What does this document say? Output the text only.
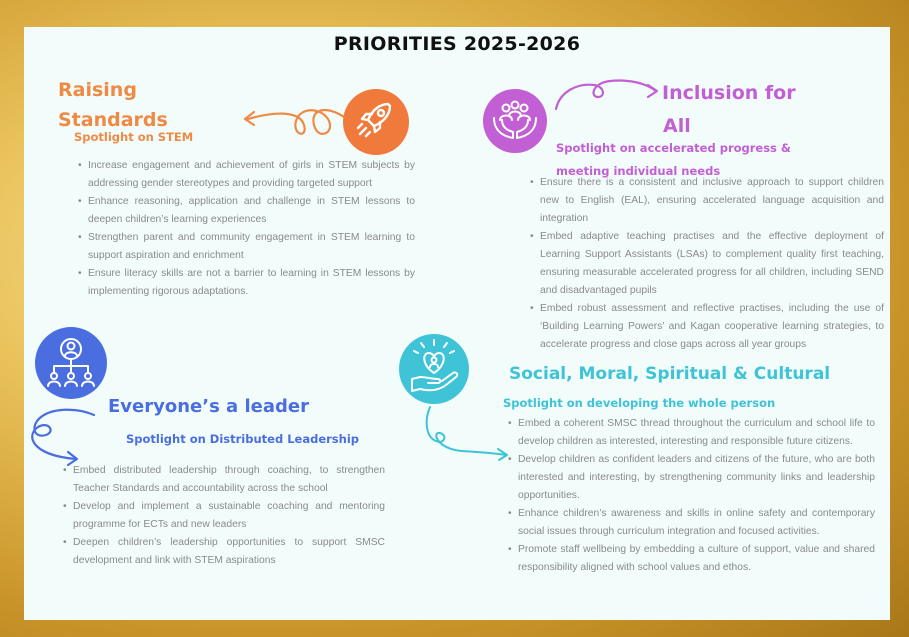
PRIORITIES 2025-2026
Raising
Standards
Spotlight on STEM
• Increase engagement and achievement of girls in STEM subjects by addressing gender stereotypes and providing targeted support
• Enhance reasoning, application and challenge in STEM lessons to deepen children’s learning experiences
• Strengthen parent and community engagement in STEM learning to support aspiration and enrichment
• Ensure literacy skills are not a barrier to learning in STEM lessons by implementing rigorous adaptations.
Inclusion for
All
Spotlight on accelerated progress & meeting individual needs
• Ensure there is a consistent and inclusive approach to support children new to English (EAL), ensuring accelerated language acquisition and integration
• Embed adaptive teaching practises and the effective deployment of Learning Support Assistants (LSAs) to complement quality first teaching, ensuring measurable accelerated progress for all children, including SEND and disadvantaged pupils
• Embed robust assessment and reflective practises, including the use of ‘Building Learning Powers’ and Kagan cooperative learning strategies, to accelerate progress and close gaps across all year groups
Everyone’s a leader
Spotlight on Distributed Leadership
• Embed distributed leadership through coaching, to strengthen Teacher Standards and accountability across the school
• Develop and implement a sustainable coaching and mentoring programme for ECTs and new leaders
• Deepen children’s leadership opportunities to support SMSC development and link with STEM aspirations
Social, Moral, Spiritual & Cultural
Spotlight on developing the whole person
• Embed a coherent SMSC thread throughout the curriculum and school life to develop children as interested, interesting and responsible future citizens.
• Develop children as confident leaders and citizens of the future, who are both interested and interesting, by strengthening community links and leadership opportunities.
• Enhance children’s awareness and skills in online safety and contemporary social issues through curriculum integration and focused activities.
• Promote staff wellbeing by embedding a culture of support, value and shared responsibility aligned with school values and ethos.
